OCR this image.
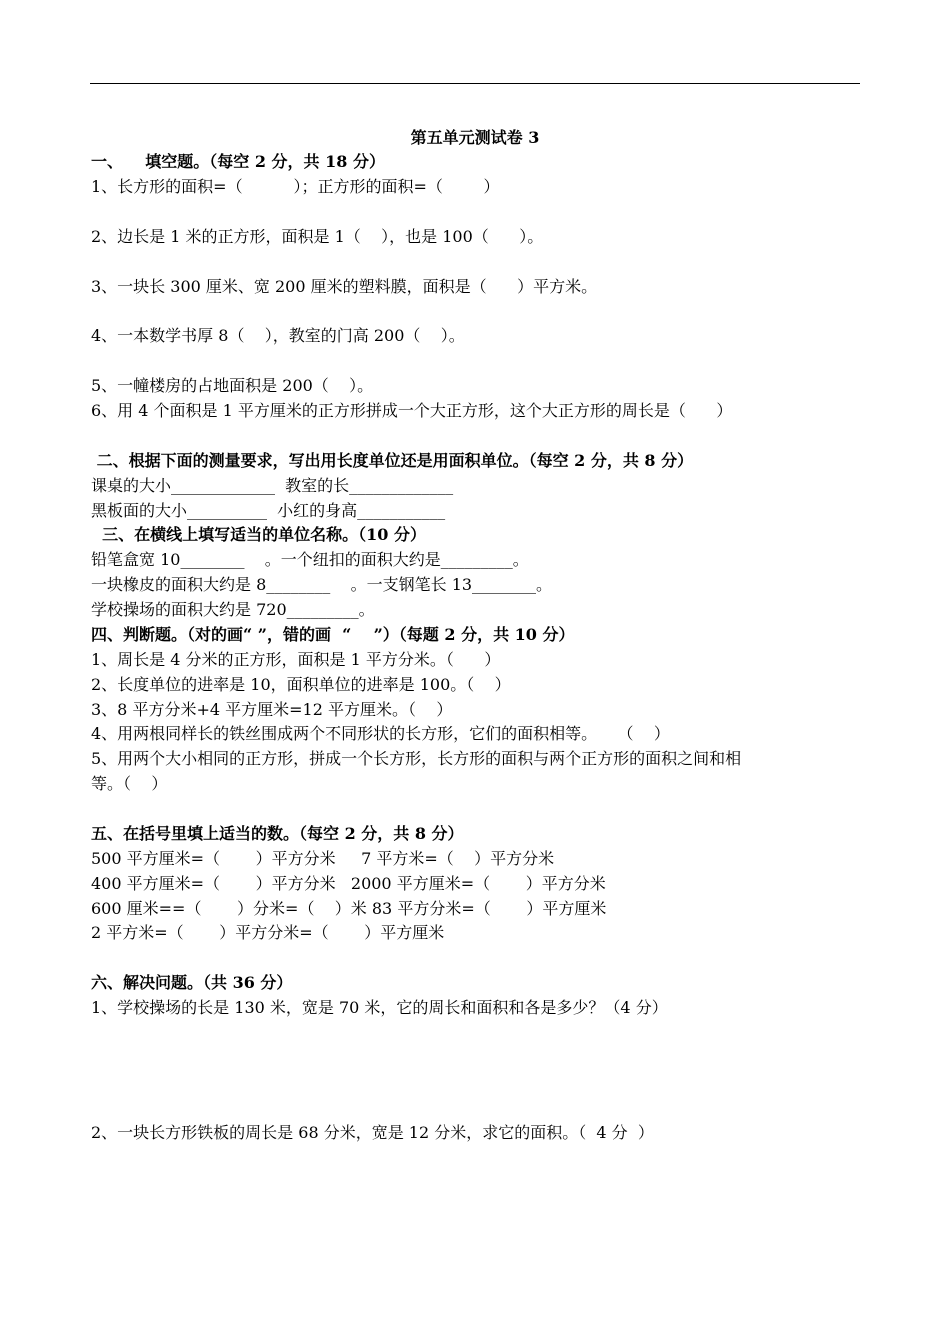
第五单元测试卷 3
一、    填空题。（每空 2 分，共 18 分）
1、长方形的面积=（          ）；正方形的面积=（        ）
2、边长是 1 米的正方形，面积是 1（    ），也是 100（      ）。
3、一块长 300 厘米、宽 200 厘米的塑料膜，面积是（      ）平方米。
4、一本数学书厚 8（    ），教室的门高 200（    ）。
5、一幢楼房的占地面积是 200（    ）。
6、用 4 个面积是 1 平方厘米的正方形拼成一个大正方形，这个大正方形的周长是（      ）
二、根据下面的测量要求，写出用长度单位还是用面积单位。（每空 2 分，共 8 分）
课桌的大小_____________  教室的长_____________
黑板面的大小__________  小红的身高___________
三、在横线上填写适当的单位名称。（10 分）
铅笔盒宽 10________    。一个纽扣的面积大约是_________。
一块橡皮的面积大约是 8________    。一支钢笔长 13________。
学校操场的面积大约是 720_________。
四、判断题。（对的画“ ”，错的画  “    ”）（每题 2 分，共 10 分）
1、周长是 4 分米的正方形，面积是 1 平方分米。（      ）
2、长度单位的进率是 10，面积单位的进率是 100。（    ）
3、8 平方分米+4 平方厘米=12 平方厘米。（    ）
4、用两根同样长的铁丝围成两个不同形状的长方形，它们的面积相等。    （    ）
5、用两个大小相同的正方形，拼成一个长方形，长方形的面积与两个正方形的面积之间和相
等。（    ）
五、在括号里填上适当的数。（每空 2 分，共 8 分）
500 平方厘米=（       ）平方分米     7 平方米=（    ）平方分米
400 平方厘米=（       ）平方分米   2000 平方厘米=（       ）平方分米
600 厘米==（       ）分米=（    ）米 83 平方分米=（       ）平方厘米
2 平方米=（       ）平方分米=（       ）平方厘米
六、解决问题。（共 36 分）
1、学校操场的长是 130 米，宽是 70 米，它的周长和面积和各是多少？（4 分）
2、一块长方形铁板的周长是 68 分米，宽是 12 分米，求它的面积。（  4 分  ）
